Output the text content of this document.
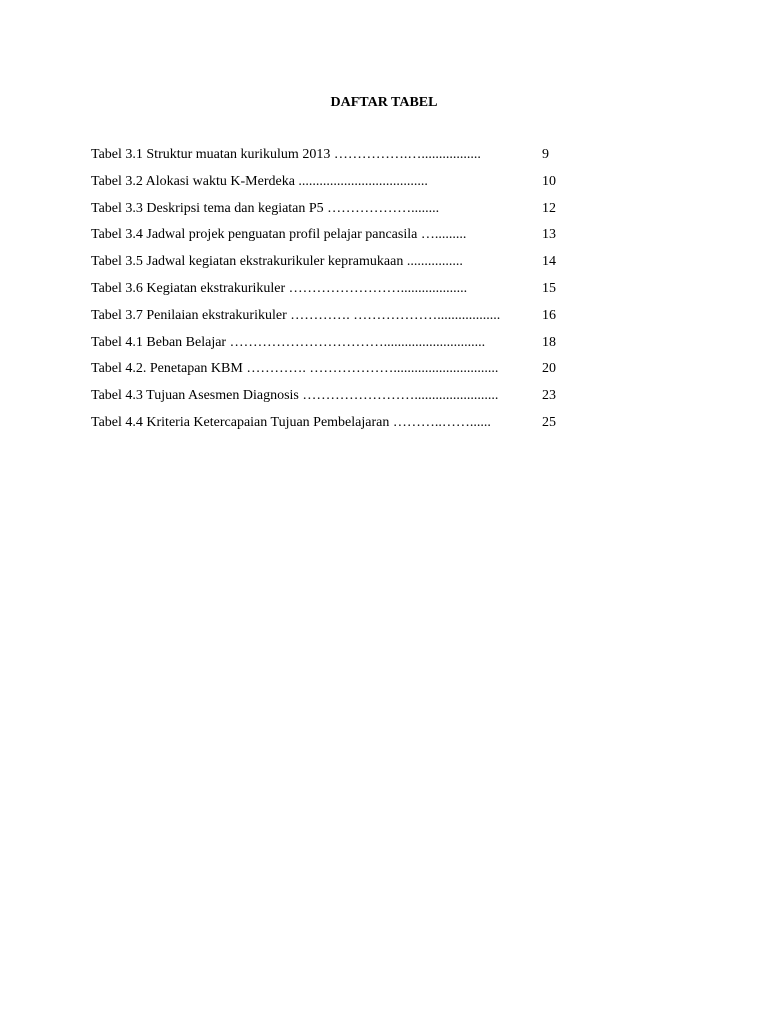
DAFTAR TABEL
Tabel 3.1 Struktur muatan kurikulum 2013 …………….….................	9
Tabel 3.2 Alokasi waktu K-Merdeka .....................................	10
Tabel 3.3 Deskripsi tema dan kegiatan P5 ………………........	12
Tabel 3.4 Jadwal projek penguatan profil pelajar pancasila ….........	13
Tabel 3.5 Jadwal kegiatan ekstrakurikuler kepramukaan ................	14
Tabel 3.6 Kegiatan ekstrakurikuler ……………………...................	15
Tabel 3.7 Penilaian ekstrakurikuler …………. ………………..................	16
Tabel 4.1 Beban Belajar …………………………….............................	18
Tabel 4.2. Penetapan KBM …………. ………………..............................	20
Tabel 4.3 Tujuan Asesmen Diagnosis ……………………........................	23
Tabel 4.4 Kriteria Ketercapaian Tujuan Pembelajaran ………..……......	25
